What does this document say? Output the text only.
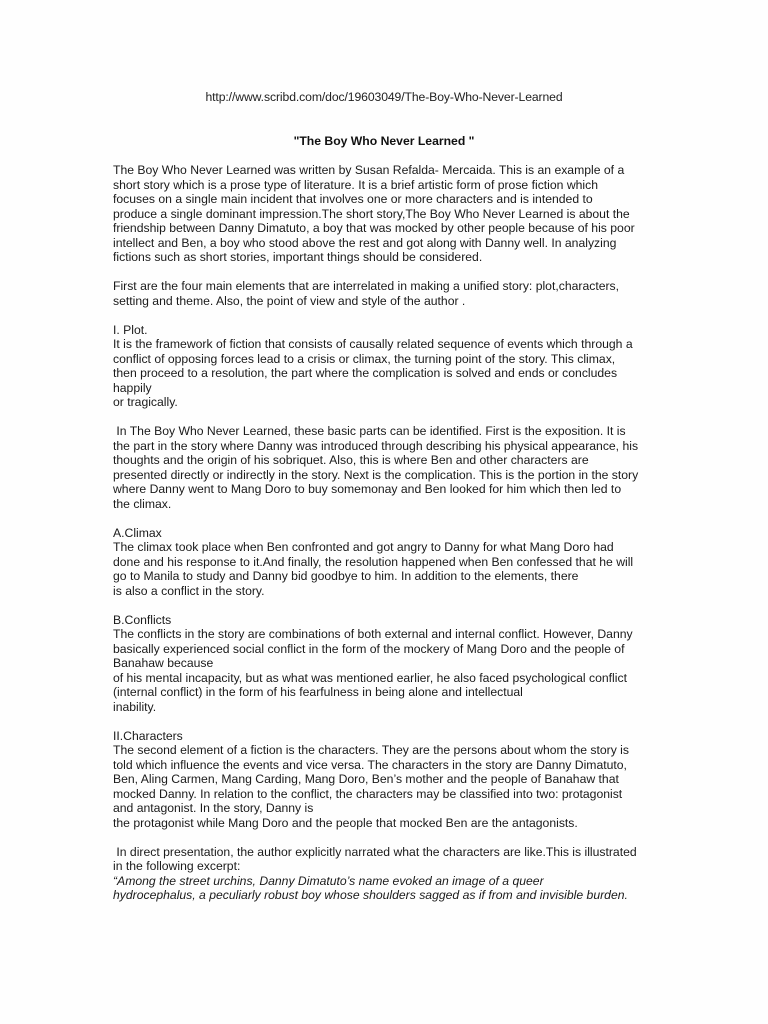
http://www.scribd.com/doc/19603049/The-Boy-Who-Never-Learned
"The Boy Who Never Learned "
The Boy Who Never Learned was written by Susan Refalda- Mercaida. This is an example of a
short story which is a prose type of literature. It is a brief artistic form of prose fiction which
focuses on a single main incident that involves one or more characters and is intended to
produce a single dominant impression.The short story,The Boy Who Never Learned is about the
friendship between Danny Dimatuto, a boy that was mocked by other people because of his poor
intellect and Ben, a boy who stood above the rest and got along with Danny well. In analyzing
fictions such as short stories, important things should be considered.
First are the four main elements that are interrelated in making a unified story: plot,characters,
setting and theme. Also, the point of view and style of the author .
I. Plot.
It is the framework of fiction that consists of causally related sequence of events which through a
conflict of opposing forces lead to a crisis or climax, the turning point of the story. This climax,
then proceed to a resolution, the part where the complication is solved and ends or concludes
happily
or tragically.
In The Boy Who Never Learned, these basic parts can be identified. First is the exposition. It is
the part in the story where Danny was introduced through describing his physical appearance, his
thoughts and the origin of his sobriquet. Also, this is where Ben and other characters are
presented directly or indirectly in the story. Next is the complication. This is the portion in the story
where Danny went to Mang Doro to buy somemonay and Ben looked for him which then led to
the climax.
A.Climax
The climax took place when Ben confronted and got angry to Danny for what Mang Doro had
done and his response to it.And finally, the resolution happened when Ben confessed that he will
go to Manila to study and Danny bid goodbye to him. In addition to the elements, there
is also a conflict in the story.
B.Conflicts
The conflicts in the story are combinations of both external and internal conflict. However, Danny
basically experienced social conflict in the form of the mockery of Mang Doro and the people of
Banahaw because
of his mental incapacity, but as what was mentioned earlier, he also faced psychological conflict
(internal conflict) in the form of his fearfulness in being alone and intellectual
inability.
II.Characters
The second element of a fiction is the characters. They are the persons about whom the story is
told which influence the events and vice versa. The characters in the story are Danny Dimatuto,
Ben, Aling Carmen, Mang Carding, Mang Doro, Ben’s mother and the people of Banahaw that
mocked Danny. In relation to the conflict, the characters may be classified into two: protagonist
and antagonist. In the story, Danny is
the protagonist while Mang Doro and the people that mocked Ben are the antagonists.
In direct presentation, the author explicitly narrated what the characters are like.This is illustrated
in the following excerpt:
“Among the street urchins, Danny Dimatuto’s name evoked an image of a queer
hydrocephalus, a peculiarly robust boy whose shoulders sagged as if from and invisible burden.
